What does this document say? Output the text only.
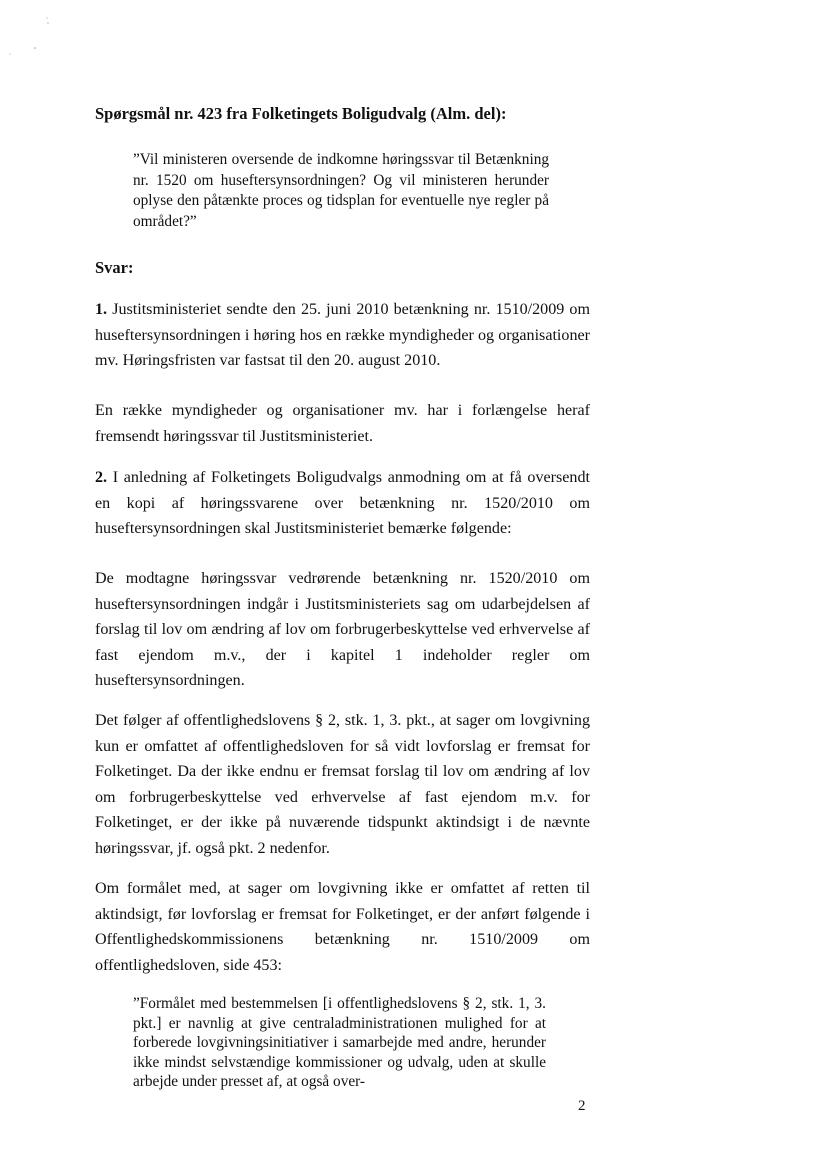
Spørgsmål nr. 423 fra Folketingets Boligudvalg (Alm. del):

”Vil ministeren oversende de indkomne høringssvar til Betænkning nr. 1520 om huseftersynsordningen? Og vil ministeren herunder oplyse den påtænkte proces og tidsplan for eventuelle nye regler på området?”

Svar:

1. Justitsministeriet sendte den 25. juni 2010 betænkning nr. 1510/2009 om huseftersynsordningen i høring hos en række myndigheder og organisationer mv. Høringsfristen var fastsat til den 20. august 2010.

En række myndigheder og organisationer mv. har i forlængelse heraf fremsendt høringssvar til Justitsministeriet.

2. I anledning af Folketingets Boligudvalgs anmodning om at få oversendt en kopi af høringssvarene over betænkning nr. 1520/2010 om huseftersynsordningen skal Justitsministeriet bemærke følgende:

De modtagne høringssvar vedrørende betænkning nr. 1520/2010 om huseftersynsordningen indgår i Justitsministeriets sag om udarbejdelsen af forslag til lov om ændring af lov om forbrugerbeskyttelse ved erhvervelse af fast ejendom m.v., der i kapitel 1 indeholder regler om huseftersynsordningen.

Det følger af offentlighedslovens § 2, stk. 1, 3. pkt., at sager om lovgivning kun er omfattet af offentlighedsloven for så vidt lovforslag er fremsat for Folketinget. Da der ikke endnu er fremsat forslag til lov om ændring af lov om forbrugerbeskyttelse ved erhvervelse af fast ejendom m.v. for Folketinget, er der ikke på nuværende tidspunkt aktindsigt i de nævnte høringssvar, jf. også pkt. 2 nedenfor.

Om formålet med, at sager om lovgivning ikke er omfattet af retten til aktindsigt, før lovforslag er fremsat for Folketinget, er der anført følgende i Offentlighedskommissionens betænkning nr. 1510/2009 om offentlighedsloven, side 453:

”Formålet med bestemmelsen [i offentlighedslovens § 2, stk. 1, 3. pkt.] er navnlig at give centraladministrationen mulighed for at forberede lovgivningsinitiativer i samarbejde med andre, herunder ikke mindst selvstændige kommissioner og udvalg, uden at skulle arbejde under presset af, at også over-

2
